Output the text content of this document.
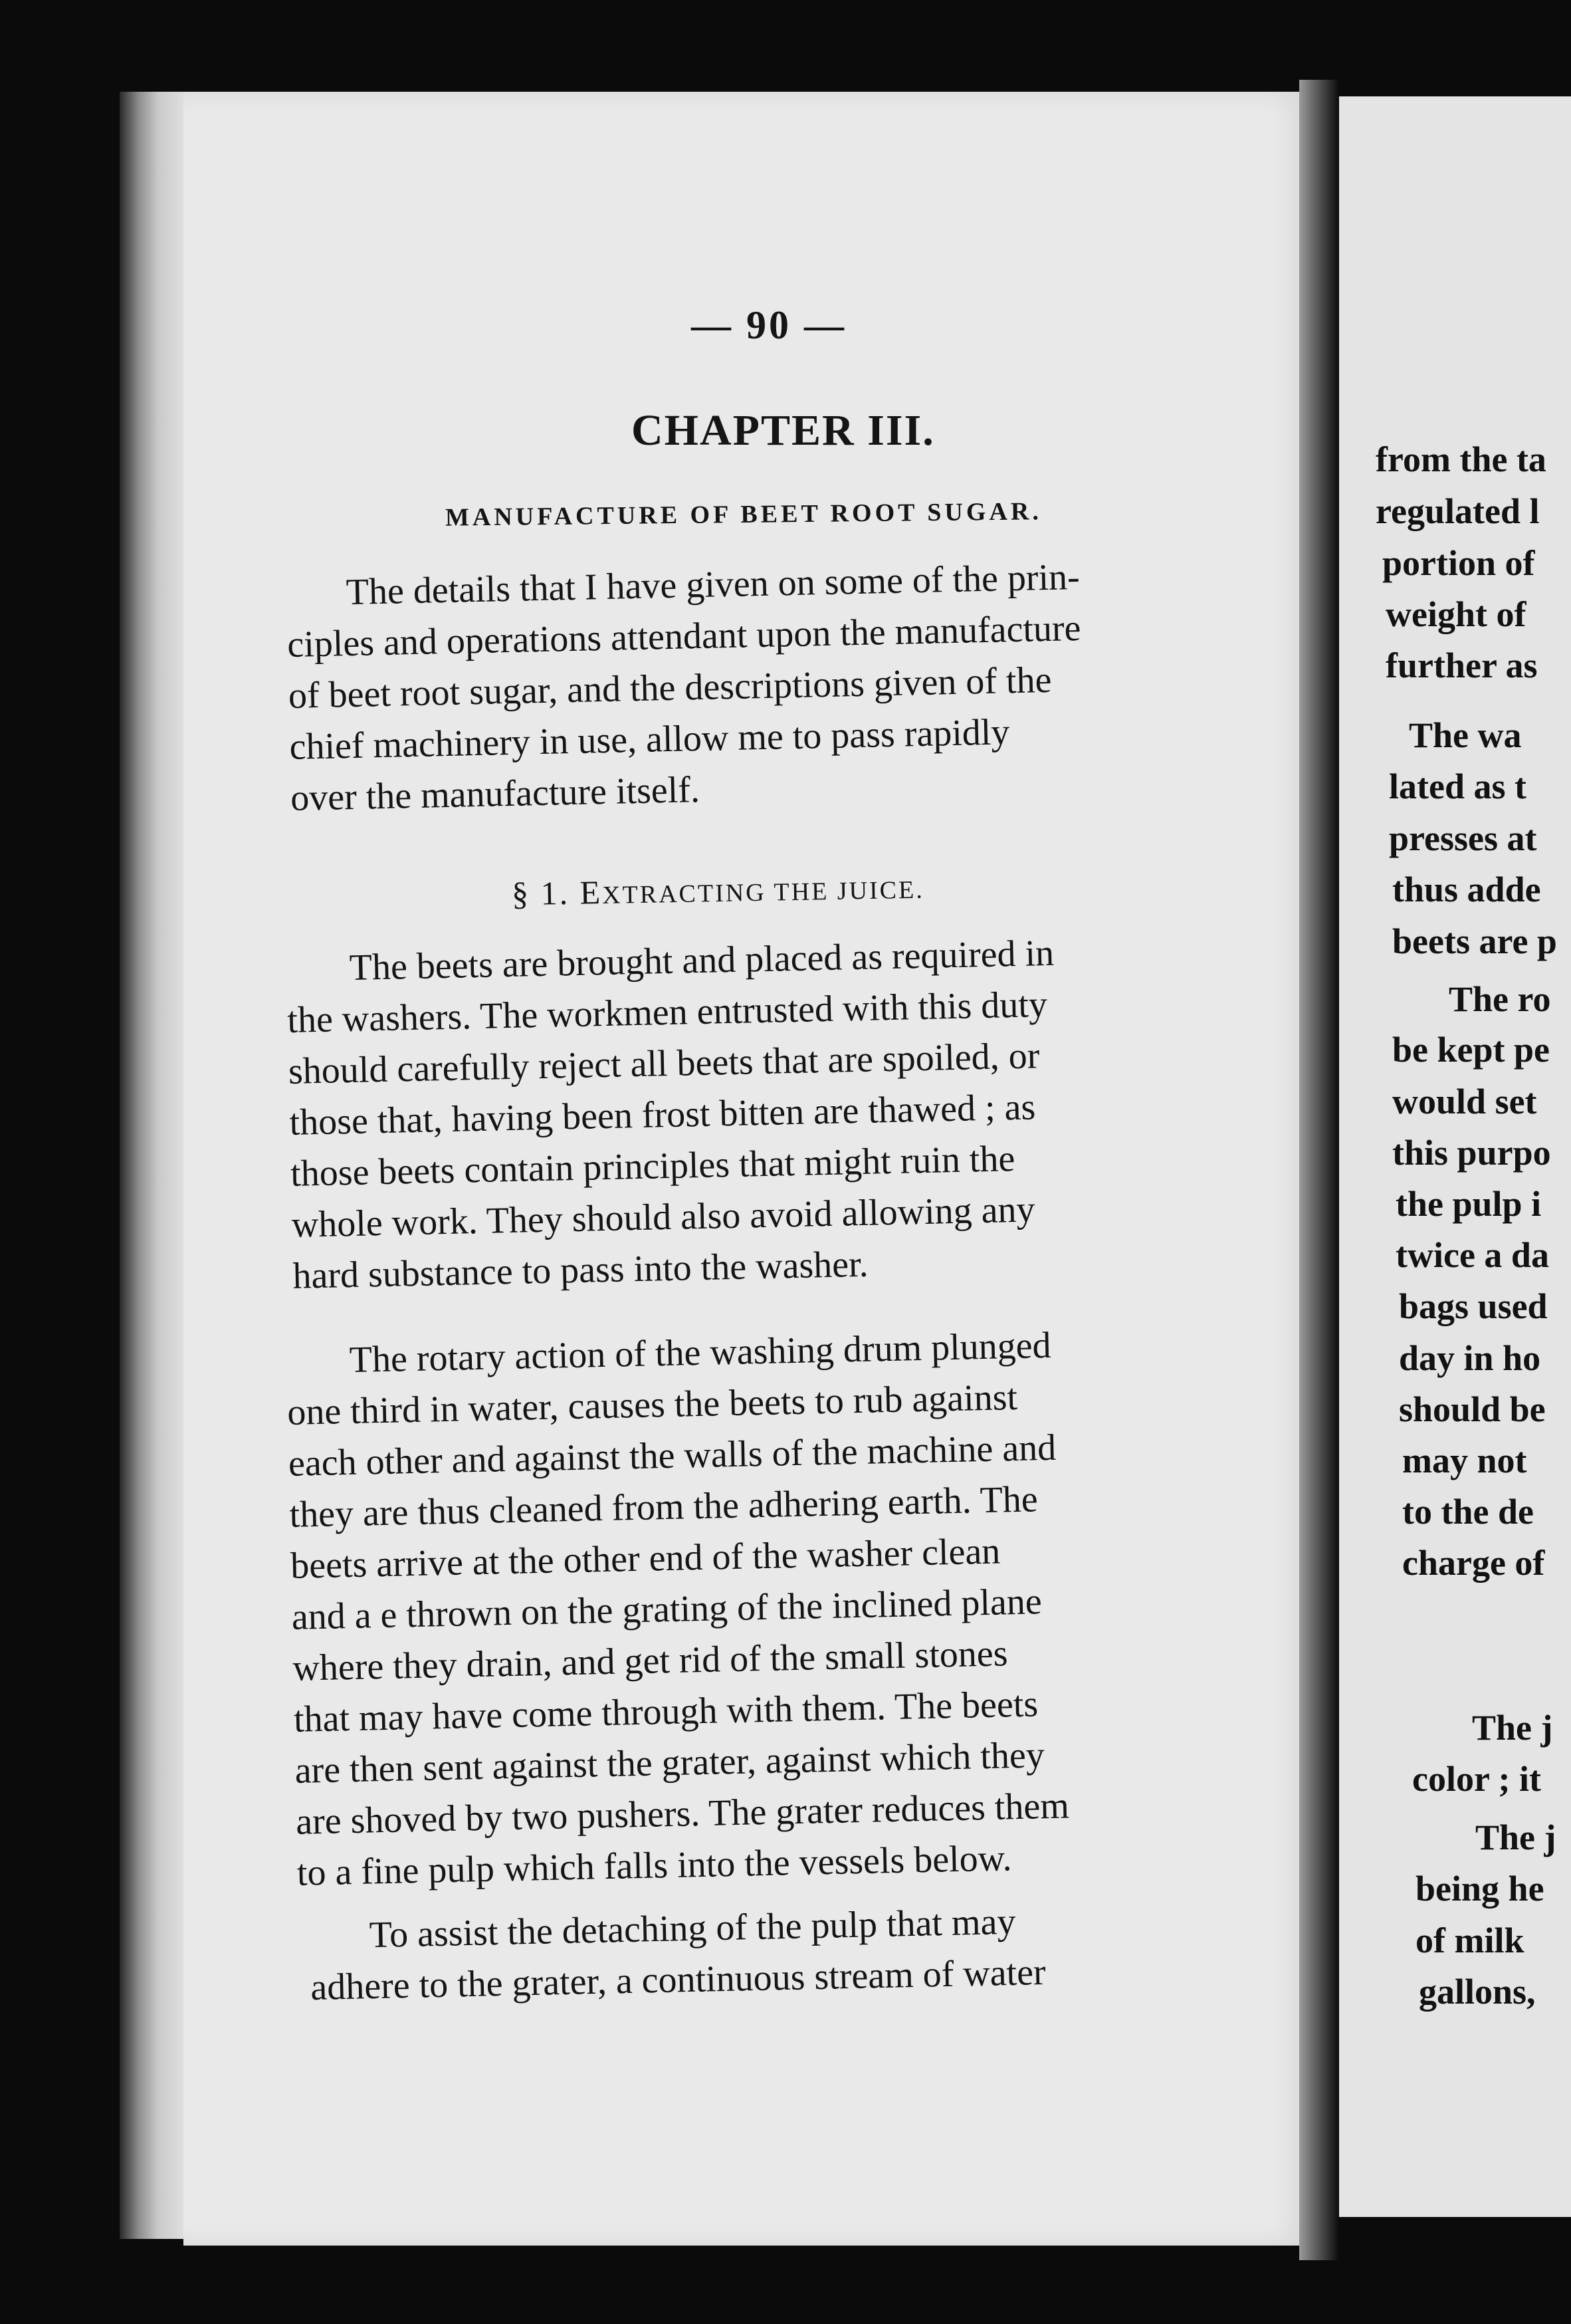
— 90 —
CHAPTER III.
MANUFACTURE OF BEET ROOT SUGAR.
The details that I have given on some of the prin-
ciples and operations attendant upon the manufacture
of beet root sugar, and the descriptions given of the
chief machinery in use, allow me to pass rapidly
over the manufacture itself.
§ 1. EXTRACTING THE JUICE.
The beets are brought and placed as required in
the washers. The workmen entrusted with this duty
should carefully reject all beets that are spoiled, or
those that, having been frost bitten are thawed ; as
those beets contain principles that might ruin the
whole work. They should also avoid allowing any
hard substance to pass into the washer.
The rotary action of the washing drum plunged
one third in water, causes the beets to rub against
each other and against the walls of the machine and
they are thus cleaned from the adhering earth. The
beets arrive at the other end of the washer clean
and a e thrown on the grating of the inclined plane
where they drain, and get rid of the small stones
that may have come through with them. The beets
are then sent against the grater, against which they
are shoved by two pushers. The grater reduces them
to a fine pulp which falls into the vessels below.
To assist the detaching of the pulp that may
adhere to the grater, a continuous stream of water
from the ta
regulated l
portion of
weight of
further as
The wa
lated as t
presses at
thus adde
beets are p
The ro
be kept pe
would set
this purpo
the pulp i
twice a da
bags used
day in ho
should be
may not
to the de
charge of
The j
color ; it
The j
being he
of milk
gallons,
